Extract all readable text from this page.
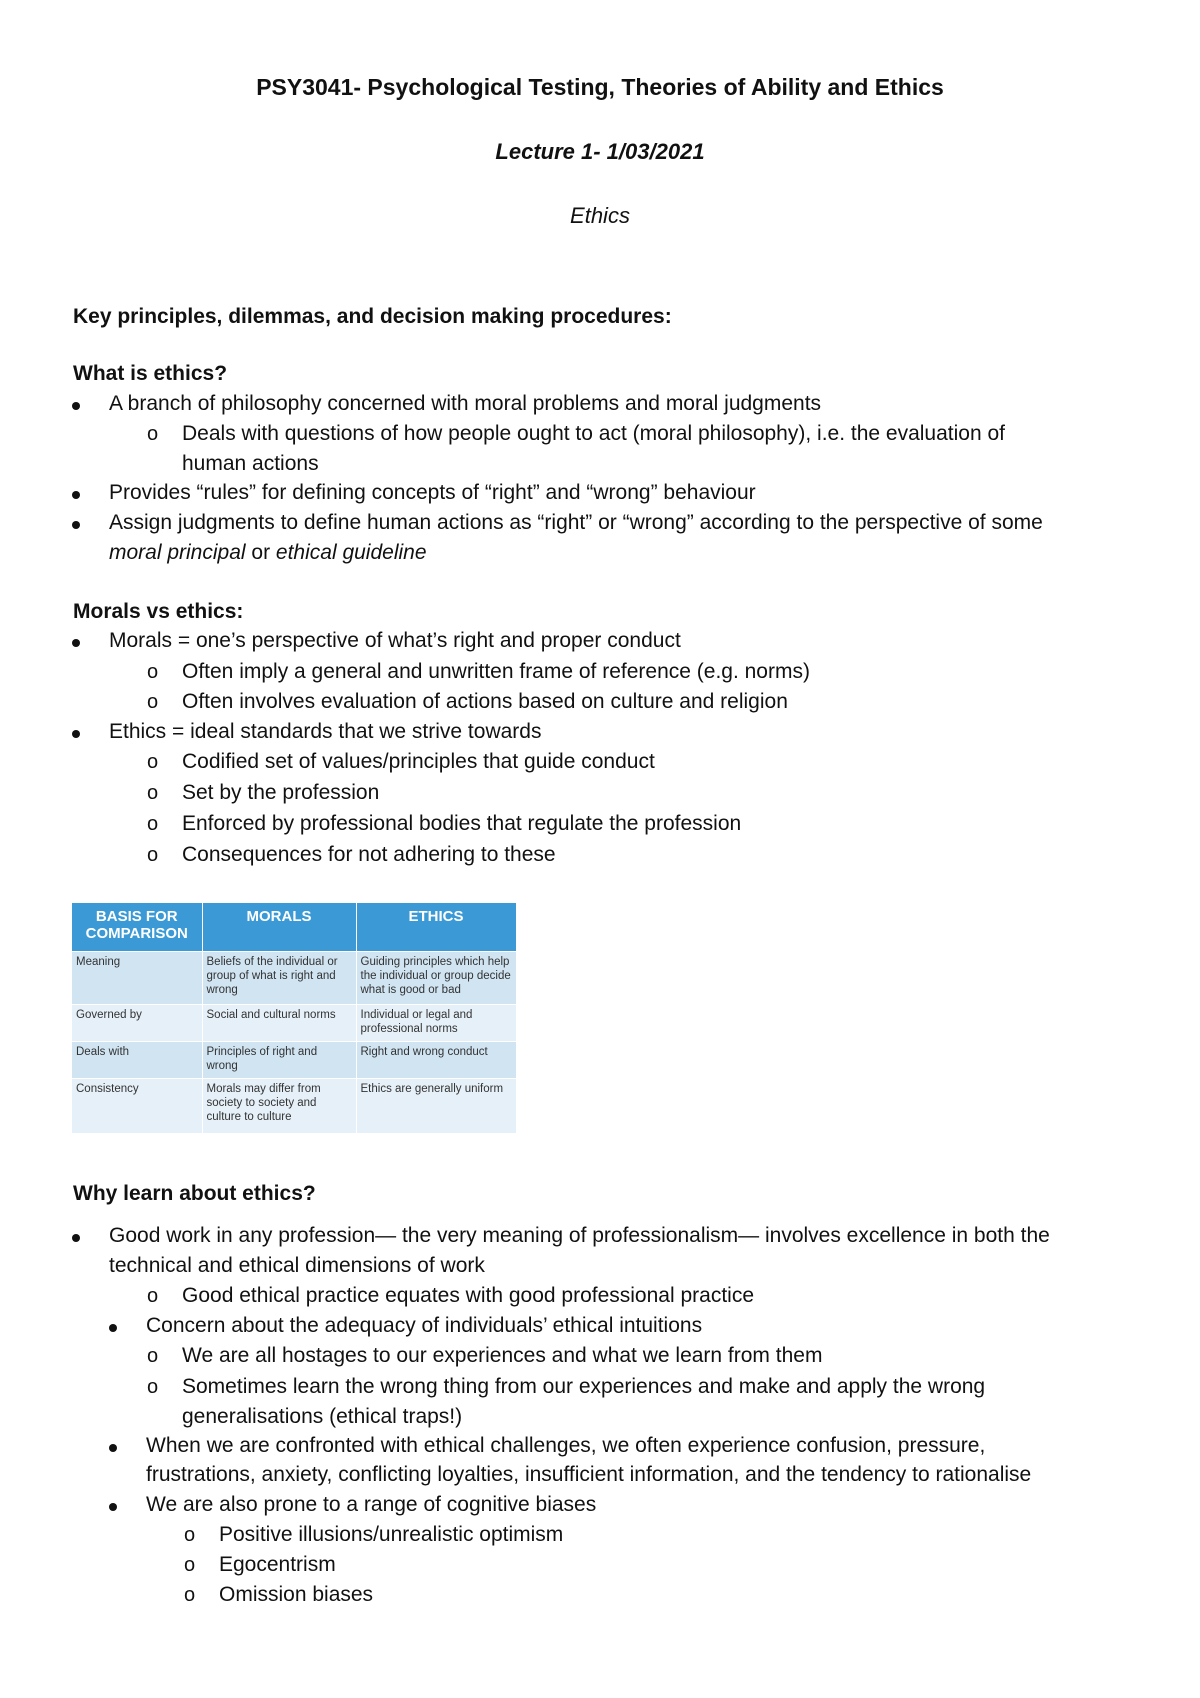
PSY3041- Psychological Testing, Theories of Ability and Ethics
Lecture 1- 1/03/2021
Ethics
Key principles, dilemmas, and decision making procedures:
What is ethics?
A branch of philosophy concerned with moral problems and moral judgments
o Deals with questions of how people ought to act (moral philosophy), i.e. the evaluation of
human actions
Provides “rules” for defining concepts of “right” and “wrong” behaviour
Assign judgments to define human actions as “right” or “wrong” according to the perspective of some
moral principal or ethical guideline
Morals vs ethics:
Morals = one’s perspective of what’s right and proper conduct
o Often imply a general and unwritten frame of reference (e.g. norms)
o Often involves evaluation of actions based on culture and religion
Ethics = ideal standards that we strive towards
o Codified set of values/principles that guide conduct
o Set by the profession
o Enforced by professional bodies that regulate the profession
o Consequences for not adhering to these
BASIS FOR COMPARISON	MORALS	ETHICS
Meaning	Beliefs of the individual or group of what is right and wrong	Guiding principles which help the individual or group decide what is good or bad
Governed by	Social and cultural norms	Individual or legal and professional norms
Deals with	Principles of right and wrong	Right and wrong conduct
Consistency	Morals may differ from society to society and culture to culture	Ethics are generally uniform
Why learn about ethics?
Good work in any profession— the very meaning of professionalism— involves excellence in both the
technical and ethical dimensions of work
o Good ethical practice equates with good professional practice
Concern about the adequacy of individuals’ ethical intuitions
o We are all hostages to our experiences and what we learn from them
o Sometimes learn the wrong thing from our experiences and make and apply the wrong
generalisations (ethical traps!)
When we are confronted with ethical challenges, we often experience confusion, pressure,
frustrations, anxiety, conflicting loyalties, insufficient information, and the tendency to rationalise
We are also prone to a range of cognitive biases
o Positive illusions/unrealistic optimism
o Egocentrism
o Omission biases
